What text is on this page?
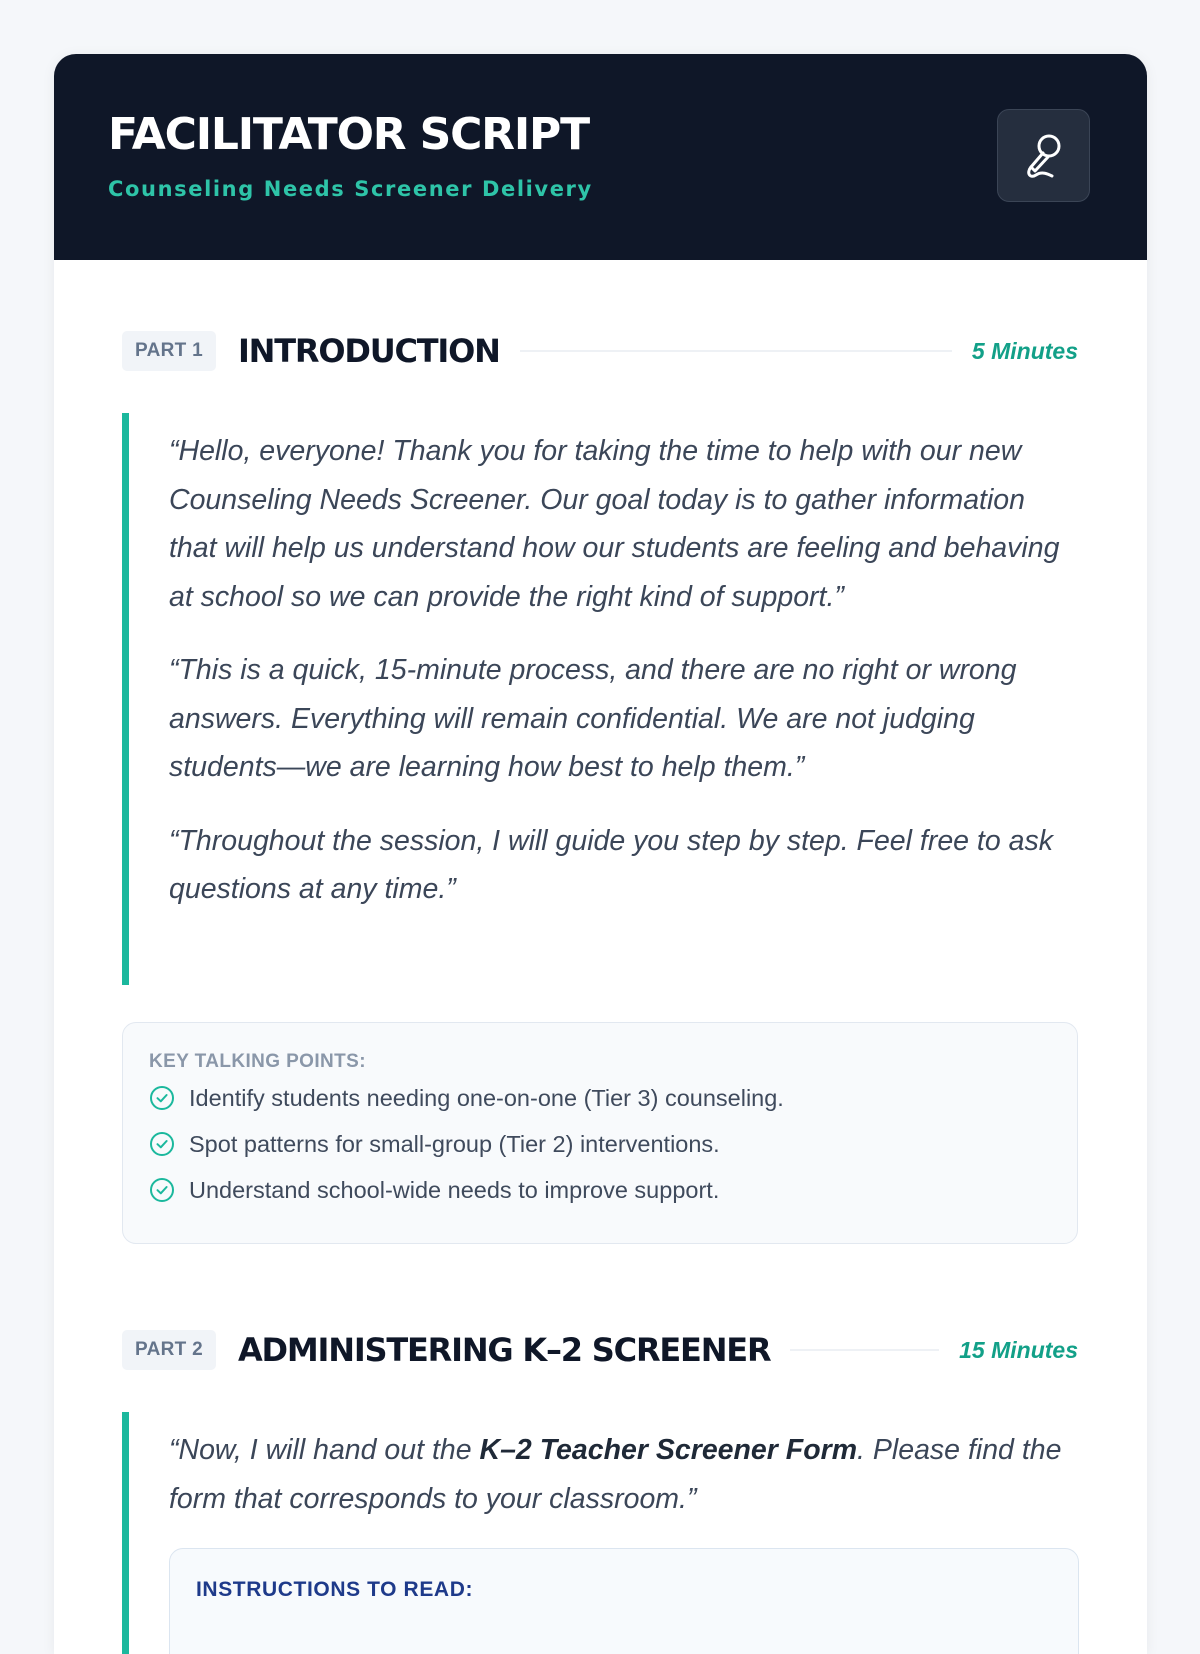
FACILITATOR SCRIPT
Counseling Needs Screener Delivery
PART 1	INTRODUCTION	5 Minutes

“Hello, everyone! Thank you for taking the time to help with our new Counseling Needs Screener. Our goal today is to gather information that will help us understand how our students are feeling and behaving at school so we can provide the right kind of support.”

“This is a quick, 15-minute process, and there are no right or wrong answers. Everything will remain confidential. We are not judging students—we are learning how best to help them.”

“Throughout the session, I will guide you step by step. Feel free to ask questions at any time.”

KEY TALKING POINTS:
Identify students needing one-on-one (Tier 3) counseling.
Spot patterns for small-group (Tier 2) interventions.
Understand school-wide needs to improve support.
PART 2	ADMINISTERING K–2 SCREENER	15 Minutes

“Now, I will hand out the K–2 Teacher Screener Form. Please find the form that corresponds to your classroom.”

INSTRUCTIONS TO READ:
